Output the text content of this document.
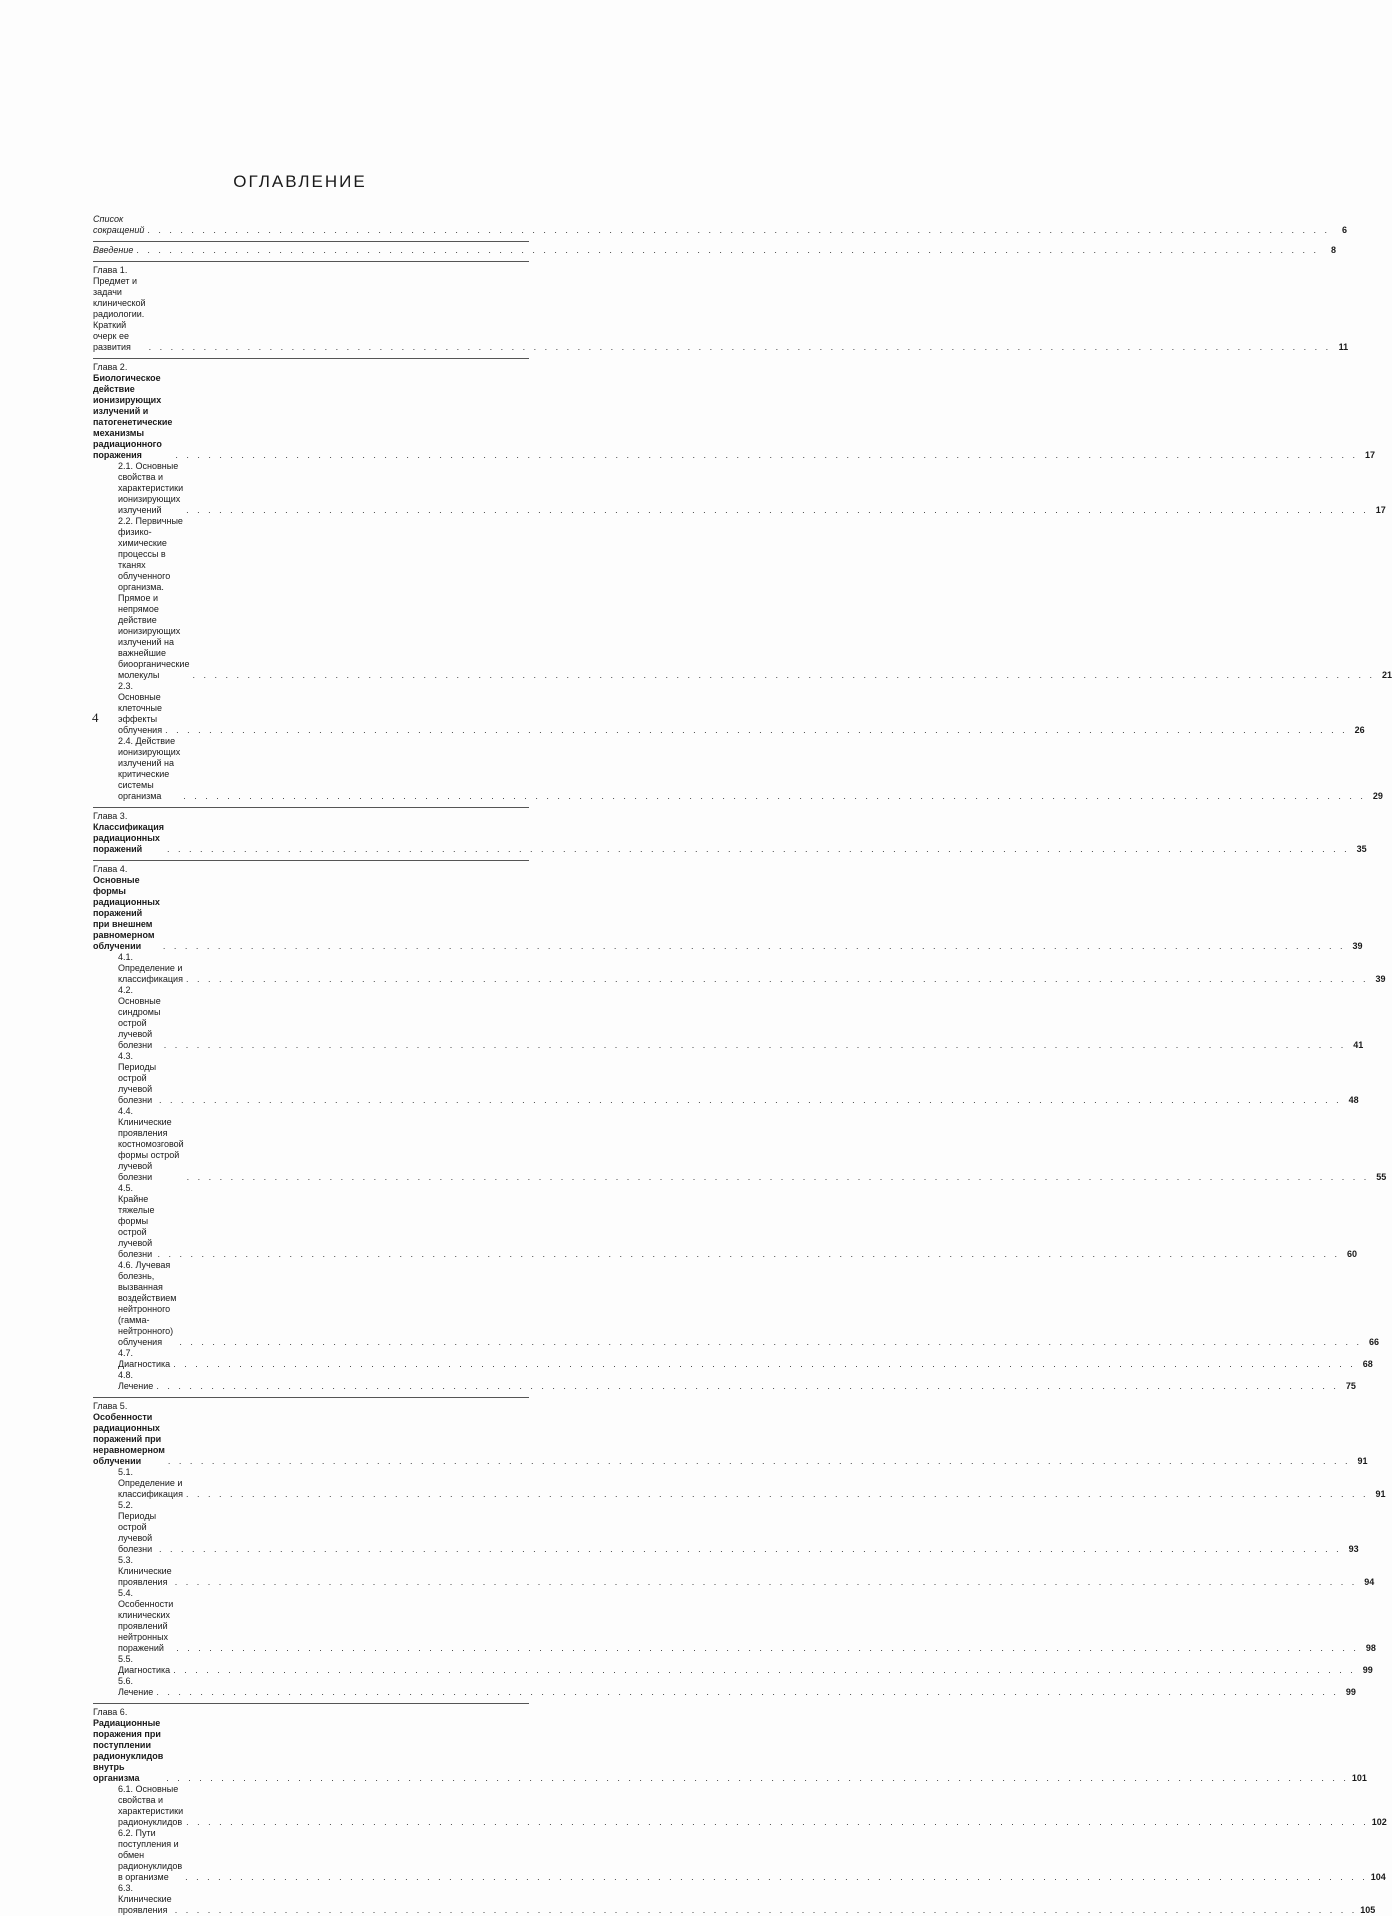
ОГЛАВЛЕНИЕ
Список сокращений . . .	6
Введение . . .	8
Глава 1. Предмет и задачи клинической радиологии. Краткий очерк ее развития . . .	11
Глава 2. Биологическое действие ионизирующих излучений и патогенетические механизмы радиационного поражения . . .	17
2.1. Основные свойства и характеристики ионизирующих излучений . . .	17
2.2. Первичные физико-химические процессы в тканях облученного организма. Прямое и непрямое действие ионизирующих излучений на важнейшие биоорганические молекулы . . .	21
2.3. Основные клеточные эффекты облучения . . .	26
2.4. Действие ионизирующих излучений на критические системы организма . . .	29
Глава 3. Классификация радиационных поражений . . .	35
Глава 4. Основные формы радиационных поражений при внешнем равномерном облучении . . .	39
4.1. Определение и классификация . . .	39
4.2. Основные синдромы острой лучевой болезни . . .	41
4.3. Периоды острой лучевой болезни . . .	48
4.4. Клинические проявления костномозговой формы острой лучевой болезни . . .	55
4.5. Крайне тяжелые формы острой лучевой болезни . . .	60
4.6. Лучевая болезнь, вызванная воздействием нейтронного (гамма-нейтронного) облучения . . .	66
4.7. Диагностика . . .	68
4.8. Лечение . . .	75
Глава 5. Особенности радиационных поражений при неравномерном облучении . . .	91
5.1. Определение и классификация . . .	91
5.2. Периоды острой лучевой болезни . . .	93
5.3. Клинические проявления . . .	94
5.4. Особенности клинических проявлений нейтронных поражений . . .	98
5.5. Диагностика . . .	99
5.6. Лечение . . .	99
Глава 6. Радиационные поражения при поступлении радионуклидов внутрь организма . . .	101
6.1. Основные свойства и характеристики радионуклидов . . .	102
6.2. Пути поступления и обмен радионуклидов в организме . . .	104
6.3. Клинические проявления . . .	105
4
